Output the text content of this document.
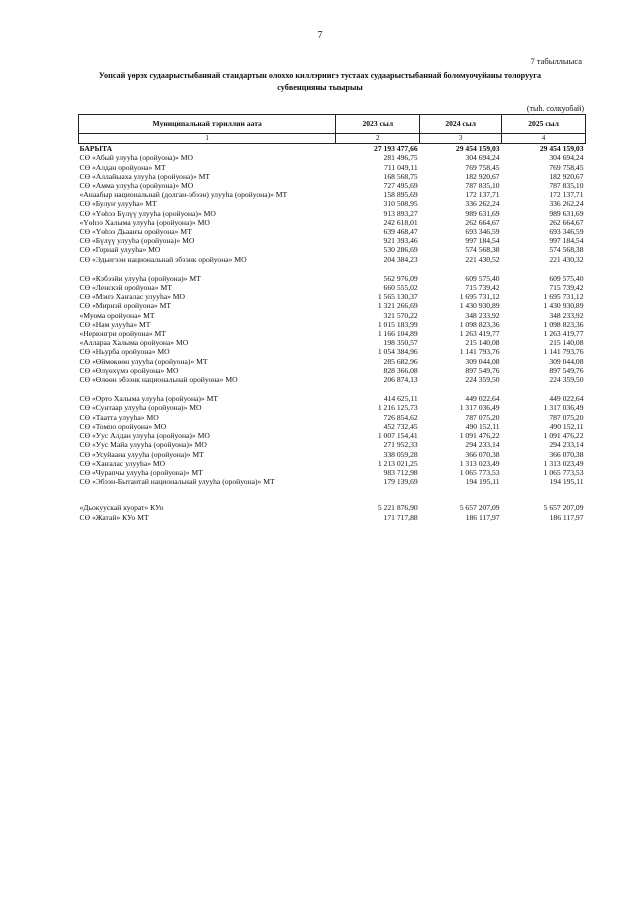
7
7 табыллыыса
Уопсай үөрэх судаарыстыбаннай стандартын олоххо киллэриигэ тустаах судаарыстыбаннай боломуочуйаны толорууга субвенцияны тыырыы
(тыһ. солкуобай)
Муниципальнай тэриллии аата	2023 сыл	2024 сыл	2025 сыл
1	2	3	4
БАРЫТА	27 193 477,66	29 454 159,03	29 454 159,03
СӨ «Абый улууһа (оройуона)» МО	281 496,75	304 694,24	304 694,24
СӨ «Алдан оройуона» МТ	711 049,11	769 758,45	769 758,45
СӨ «Аллайыаха улууһа (оройуона)» МТ	168 568,75	182 920,67	182 920,67
СӨ «Амма улууһа (оройуона)» МО	727 495,69	787 835,10	787 835,10
«Анаабыр национальнай (долган-эбээн) улууһа (оройуона)» МТ	158 895,69	172 137,71	172 137,71
СӨ «Булуҥ улууһа» МТ	310 508,95	336 262,24	336 262,24
СӨ «Үөһээ Бүлүү улууһа (оройуона)» МО	913 893,27	989 631,69	989 631,69
«Үөһээ Халыма улууһа (оройуона)» МО	242 618,01	262 664,67	262 664,67
СӨ «Үөһээ Дьааҥы оройуона» МТ	639 468,47	693 346,59	693 346,59
СӨ «Бүлүү улууһа (оройуона)» МО	921 393,46	997 184,54	997 184,54
СӨ «Горнай улууһа» МО	530 286,69	574 568,38	574 568,38
СӨ «Эдьигээн национальнай эбээнк оройуона» МО	204 384,23	221 430,52	221 430,32

СӨ «Кэбээйи улууһа (оройуона)» МТ	562 976,09	609 575,40	609 575,40
СӨ «Ленскэй оройуона» МТ	660 555,02	715 739,42	715 739,42
СӨ «Мэҥэ Хаҥалас улууһа» МО	1 565 130,37	1 695 731,12	1 695 731,12
СӨ «Мирнэй оройуона» МТ	1 321 266,69	1 430 930,89	1 430 930,89
«Муома оройуона» МТ	321 570,22	348 233,92	348 233,92
СӨ «Нам улууһа» МТ	1 015 183,99	1 098 823,36	1 098 823,36
«Нерюнгри оройуона» МТ	1 166 104,89	1 263 419,77	1 263 419,77
«Аллараа Халыма оройуона» МО	198 350,57	215 140,08	215 140,08
СӨ «Ньурба оройуона» МО	1 054 384,96	1 141 793,76	1 141 793,76
СӨ «Өймөкөөн улууһа (оройуона)» МТ	285 682,96	309 044,08	309 044,08
СӨ «Өлүөхүмэ оройуона» МО	828 366,08	897 549,76	897 549,76
СӨ «Өлөөн эбээнк национальнай оройуона» МО	206 874,13	224 359,50	224 359,50

СӨ «Орто Халыма улууһа (оройуона)» МТ	414 625,11	449 022,64	449 022,64
СӨ «Сунтаар улууһа (оройуона)» МО	1 216 125,73	1 317 036,49	1 317 036,49
СӨ «Таатта улууһа» МО	726 854,62	787 075,20	787 075,20
СӨ «Томпо оройуона» МО	452 732,45	490 152,11	490 152,11
СӨ «Уус Алдан улууһа (оройуона)» МО	1 007 154,41	1 091 476,22	1 091 476,22
СӨ «Уус Майа улууһа (оройуона)» МО	271 952,33	294 233,14	294 233,14
СӨ «Усуйаана улууһа (оройуона)» МТ	338 059,28	366 070,38	366 070,38
СӨ «Хаҥалас улууһа» МО	1 213 021,25	1 313 023,49	1 313 023,49
СӨ «Чурапчы улууһа (оройуона)» МТ	983 712,98	1 065 773,53	1 065 773,53
СӨ «Эбээн-Бытантай национальнай улууһа (оройуона)» МТ	179 139,69	194 195,11	194 195,11

«Дьокуускай куорат» КУо	5 221 876,90	5 657 207,09	5 657 207,09
СӨ «Жатай» КУо МТ	171 717,88	186 117,97	186 117,97
